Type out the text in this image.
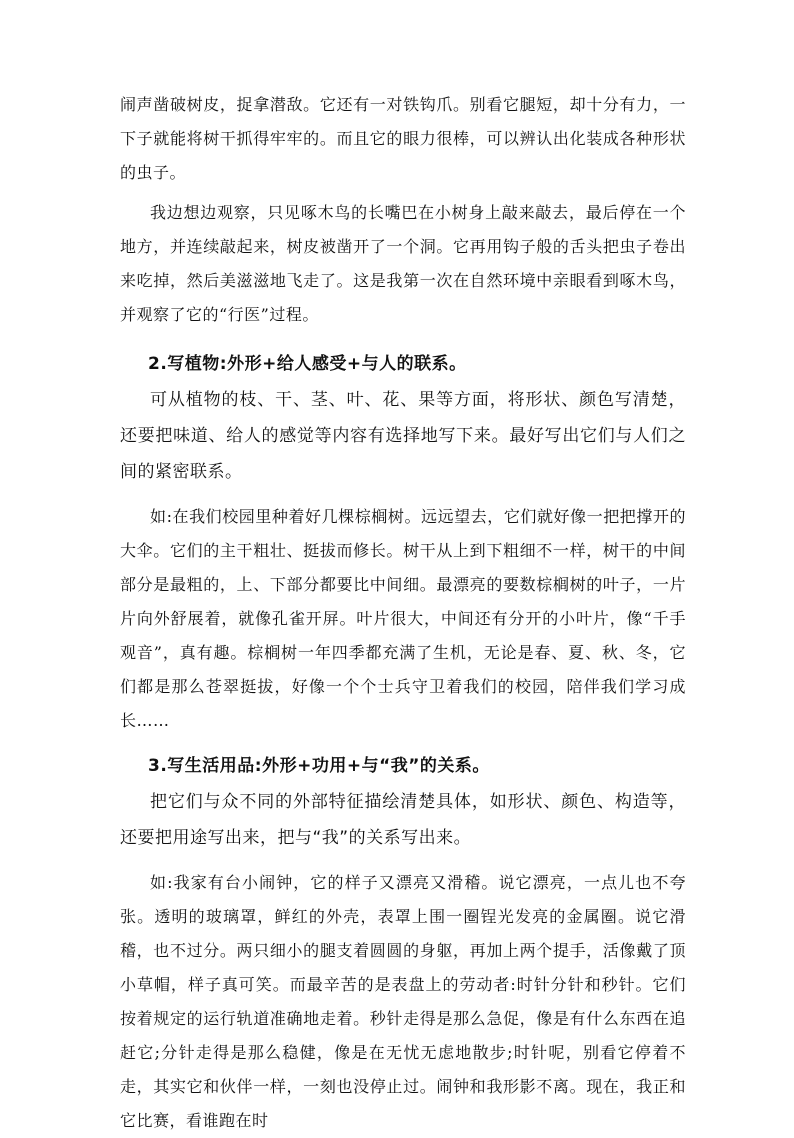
闹声凿破树皮，捉拿潜敌。它还有一对铁钩爪。别看它腿短，却十分有力，一下子就能将树干抓得牢牢的。而且它的眼力很棒，可以辨认出化装成各种形状的虫子。

我边想边观察，只见啄木鸟的长嘴巴在小树身上敲来敲去，最后停在一个地方，并连续敲起来，树皮被凿开了一个洞。它再用钩子般的舌头把虫子卷出来吃掉，然后美滋滋地飞走了。这是我第一次在自然环境中亲眼看到啄木鸟，并观察了它的“行医”过程。

2.写植物:外形+给人感受+与人的联系。

可从植物的枝、干、茎、叶、花、果等方面，将形状、颜色写清楚，还要把味道、给人的感觉等内容有选择地写下来。最好写出它们与人们之间的紧密联系。

如:在我们校园里种着好几棵棕榈树。远远望去，它们就好像一把把撑开的大伞。它们的主干粗壮、挺拔而修长。树干从上到下粗细不一样，树干的中间部分是最粗的，上、下部分都要比中间细。最漂亮的要数棕榈树的叶子，一片片向外舒展着，就像孔雀开屏。叶片很大，中间还有分开的小叶片，像“千手观音”，真有趣。棕榈树一年四季都充满了生机，无论是春、夏、秋、冬，它们都是那么苍翠挺拔，好像一个个士兵守卫着我们的校园，陪伴我们学习成长……

3.写生活用品:外形+功用+与“我”的关系。

把它们与众不同的外部特征描绘清楚具体，如形状、颜色、构造等，还要把用途写出来，把与“我”的关系写出来。

如:我家有台小闹钟，它的样子又漂亮又滑稽。说它漂亮，一点儿也不夸张。透明的玻璃罩，鲜红的外壳，表罩上围一圈锃光发亮的金属圈。说它滑稽，也不过分。两只细小的腿支着圆圆的身躯，再加上两个提手，活像戴了顶小草帽，样子真可笑。而最辛苦的是表盘上的劳动者:时针分针和秒针。它们按着规定的运行轨道准确地走着。秒针走得是那么急促，像是有什么东西在追赶它;分针走得是那么稳健，像是在无忧无虑地散步;时针呢，别看它停着不走，其实它和伙伴一样，一刻也没停止过。闹钟和我形影不离。现在，我正和它比赛，看谁跑在时
